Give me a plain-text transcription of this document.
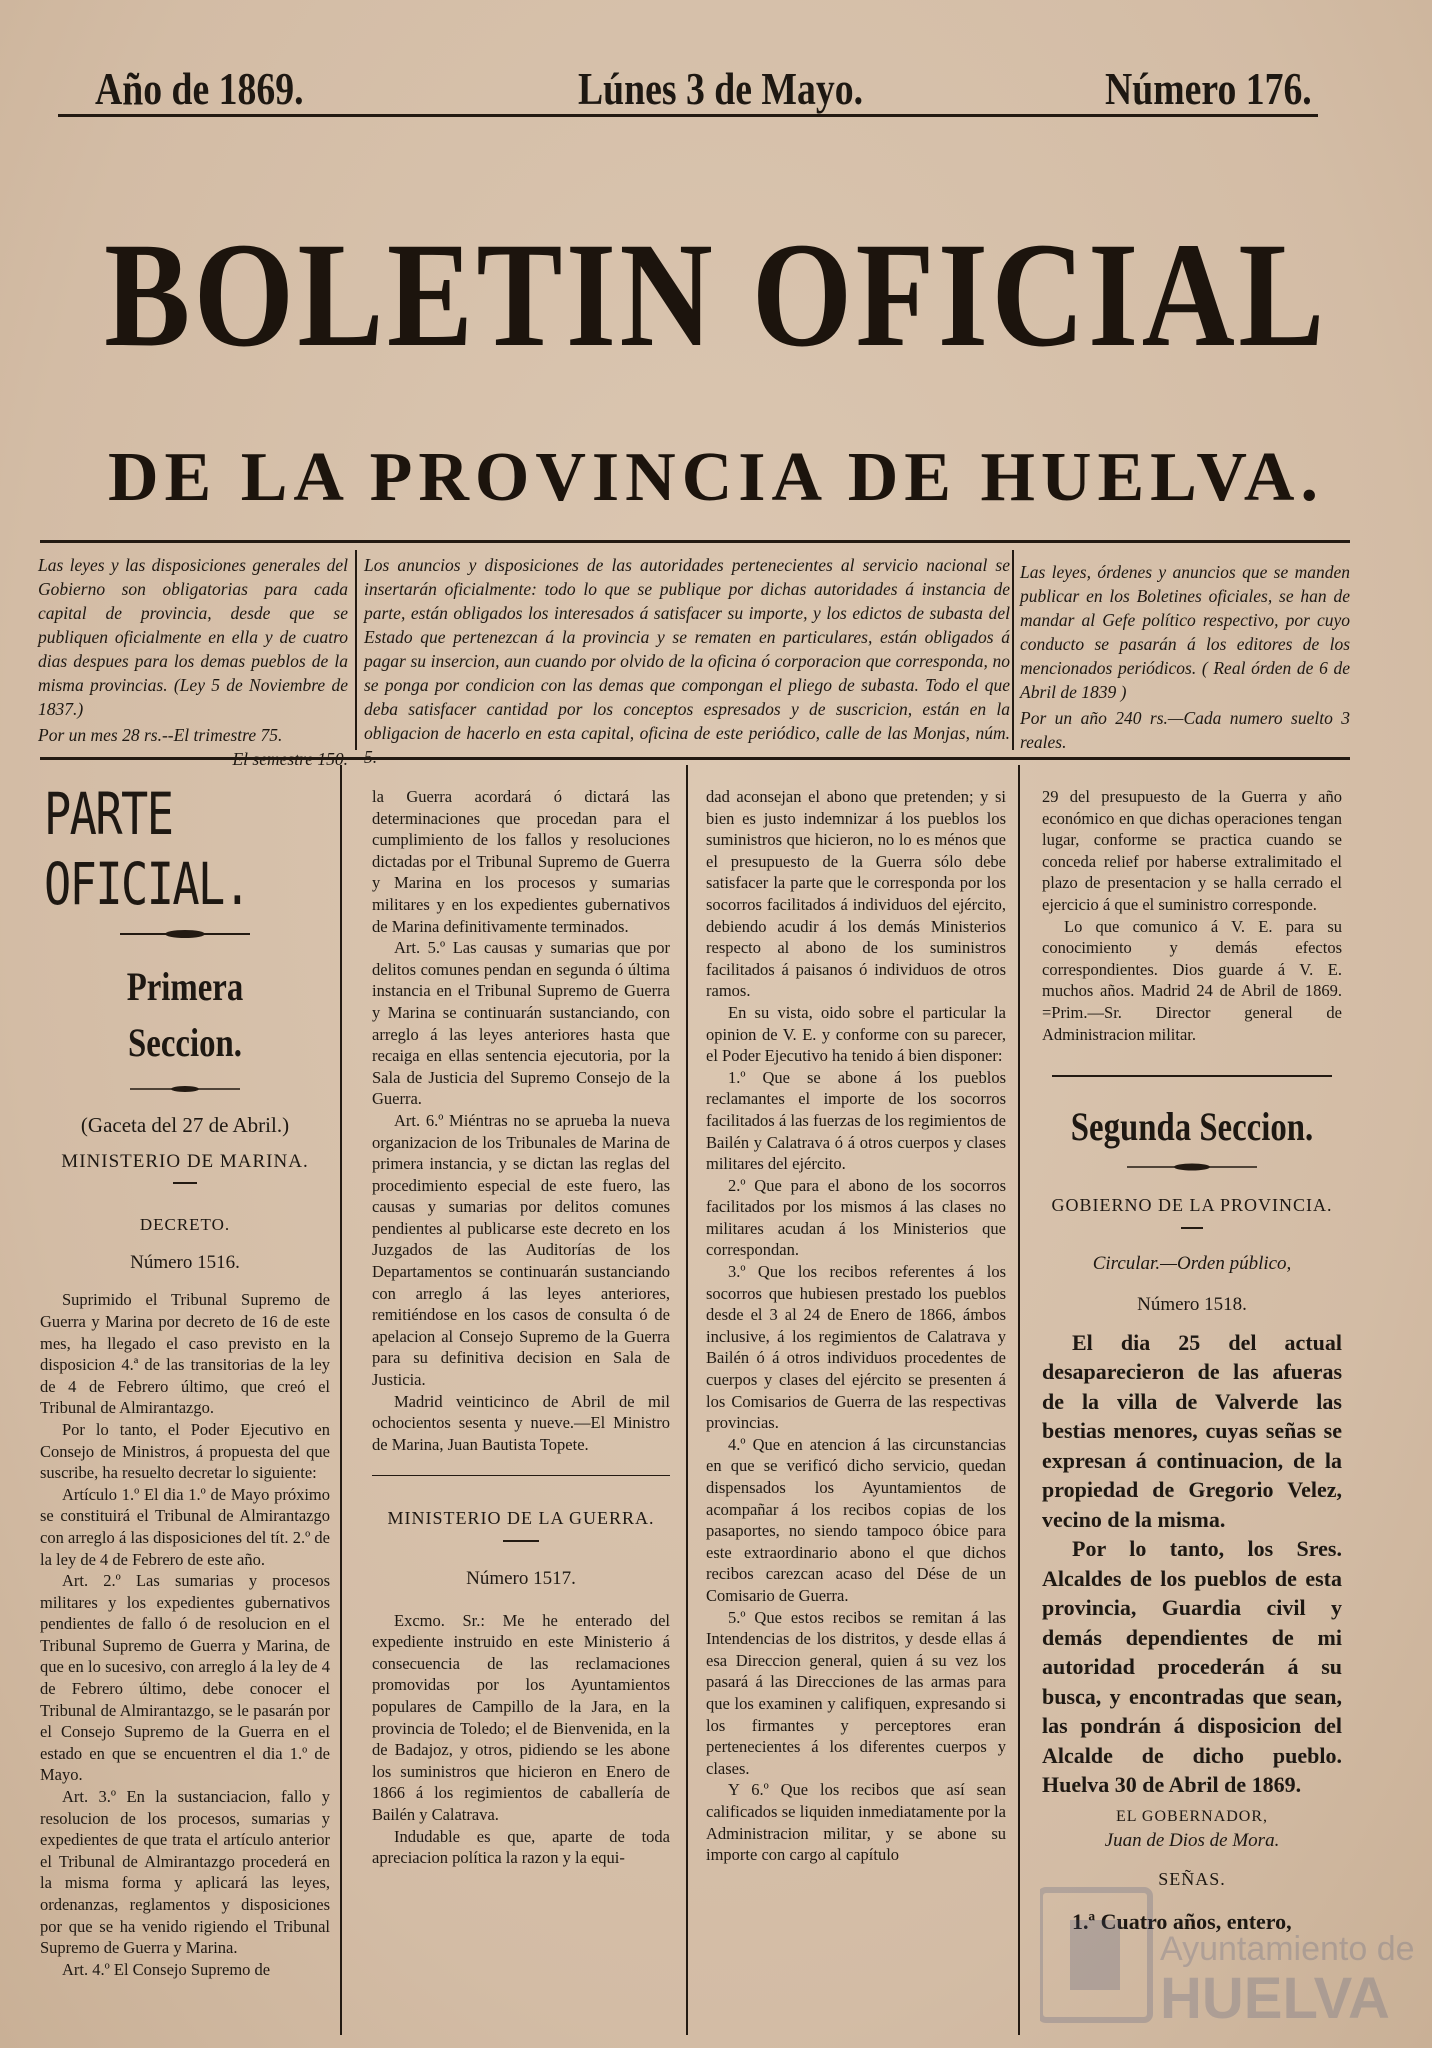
Año de 1869.	Lúnes 3 de Mayo.	Número 176.
BOLETIN OFICIAL
DE LA PROVINCIA DE HUELVA.

Las leyes y las disposiciones generales del Gobierno son obligatorias para cada capital de provincia, desde que se publiquen oficialmente en ella y de cuatro dias despues para los demas pueblos de la misma provincias. (Ley 5 de Noviembre de 1837.)

Por un mes 28 rs.--El trimestre 75.

Los anuncios y disposiciones de las autoridades pertenecientes al servicio nacional se insertarán oficialmente: todo lo que se publique por dichas autoridades á instancia de parte, están obligados los interesados á satisfacer su importe, y los edictos de subasta del Estado que pertenezcan á la provincia y se rematen en particulares, están obligados á pagar su insercion, aun cuando por olvido de la oficina ó corporacion que corresponda, no se ponga por condicion con las demas que compongan el pliego de subasta. Todo el que deba satisfacer cantidad por los conceptos espresados y de suscricion, están en la obligacion de hacerlo en esta capital, oficina de este periódico, calle de las Monjas, núm.

Las leyes, órdenes y anuncios que se manden publicar en los Boletines oficiales, se han de mandar al Gefe político respectivo, por cuyo conducto se pasarán á los editores de los mencionados periódicos. ( Real órden de 6 de Abril de 1839 )

Por un año 240 rs.—Cada numero suelto 3 reales.

PARTE OFICIAL.
Primera Seccion.

(Gaceta del 27 de Abril.)

MINISTERIO DE MARINA.

DECRETO.

Número 1516.

Suprimido el Tribunal Supremo de Guerra y Marina por decreto de 16 de este mes, ha llegado el caso previsto en la disposicion 4.ª de las transitorias de la ley de 4 de Febrero último, que creó el Tribunal de Almirantazgo.

Por lo tanto, el Poder Ejecutivo en Consejo de Ministros, á propuesta del que suscribe, ha resuelto decretar lo siguiente:

Artículo 1.º El dia 1.º de Mayo próximo se constituirá el Tribunal de Almirantazgo con arreglo á las disposiciones del tít. 2.º de la ley de 4 de Febrero de este año.

Art. 2.º Las sumarias y procesos militares y los expedientes gubernativos pendientes de fallo ó de resolucion en el Tribunal Supremo de Guerra y Marina, de que en lo sucesivo, con arreglo á la ley de 4 de Febrero último, debe conocer el Tribunal de Almirantazgo, se le pasarán por el Consejo Supremo de la Guerra en el estado en que se encuentren el dia 1.º de Mayo.

Art. 3.º En la sustanciacion, fallo y resolucion de los procesos, sumarias y expedientes de que trata el artículo anterior el Tribunal de Almirantazgo procederá en la misma forma y aplicará las leyes, ordenanzas, reglamentos y disposiciones por que se ha venido rigiendo el Tribunal Supremo de Guerra y Marina.

Art. 4.º El Consejo Supremo de

la Guerra acordará ó dictará las determinaciones que procedan para el cumplimiento de los fallos y resoluciones dictadas por el Tribunal Supremo de Guerra y Marina en los procesos y sumarias militares y en los expedientes gubernativos de Marina definitivamente terminados.

Art. 5.º Las causas y sumarias que por delitos comunes pendan en segunda ó última instancia en el Tribunal Supremo de Guerra y Marina se continuarán sustanciando, con arreglo á las leyes anteriores hasta que recaiga en ellas sentencia ejecutoria, por la Sala de Justicia del Supremo Consejo de la Guerra.

Art. 6.º Miéntras no se aprueba la nueva organizacion de los Tribunales de Marina de primera instancia, y se dictan las reglas del procedimiento especial de este fuero, las causas y sumarias por delitos comunes pendientes al publicarse este decreto en los Juzgados de las Auditorías de los Departamentos se continuarán sustanciando con arreglo á las leyes anteriores, remitiéndose en los casos de consulta ó de apelacion al Consejo Supremo de la Guerra para su definitiva decision en Sala de Justicia.

Madrid veinticinco de Abril de mil ochocientos sesenta y nueve.—El Ministro de Marina, Juan Bautista Topete.

MINISTERIO DE LA GUERRA.

Número 1517.

Excmo. Sr.: Me he enterado del expediente instruido en este Ministerio á consecuencia de las reclamaciones promovidas por los Ayuntamientos populares de Campillo de la Jara, en la provincia de Toledo; el de Bienvenida, en la de Badajoz, y otros, pidiendo se les abone los suministros que hicieron en Enero de 1866 á los regimientos de caballería de Bailén y Calatrava.

Indudable es que, aparte de toda apreciacion política la razon y la equi-

dad aconsejan el abono que pretenden; y si bien es justo indemnizar á los pueblos los suministros que hicieron, no lo es ménos que el presupuesto de la Guerra sólo debe satisfacer la parte que le corresponda por los socorros facilitados á individuos del ejército, debiendo acudir á los demás Ministerios respecto al abono de los suministros facilitados á paisanos ó individuos de otros ramos.

En su vista, oido sobre el particular la opinion de V. E. y conforme con su parecer, el Poder Ejecutivo ha tenido á bien disponer:

1.º Que se abone á los pueblos reclamantes el importe de los socorros facilitados á las fuerzas de los regimientos de Bailén y Calatrava ó á otros cuerpos y clases militares del ejército.

2.º Que para el abono de los socorros facilitados por los mismos á las clases no militares acudan á los Ministerios que correspondan.

3.º Que los recibos referentes á los socorros que hubiesen prestado los pueblos desde el 3 al 24 de Enero de 1866, ámbos inclusive, á los regimientos de Calatrava y Bailén ó á otros individuos procedentes de cuerpos y clases del ejército se presenten á los Comisarios de Guerra de las respectivas provincias.

4.º Que en atencion á las circunstancias en que se verificó dicho servicio, quedan dispensados los Ayuntamientos de acompañar á los recibos copias de los pasaportes, no siendo tampoco óbice para este extraordinario abono el que dichos recibos carezcan acaso del Dése de un Comisario de Guerra.

5.º Que estos recibos se remitan á las Intendencias de los distritos, y desde ellas á esa Direccion general, quien á su vez los pasará á las Direcciones de las armas para que los examinen y califiquen, expresando si los firmantes y perceptores eran pertenecientes á los diferentes cuerpos y clases.

Y 6.º Que los recibos que así sean calificados se liquiden inmediatamente por la Administracion militar, y se abone su importe con cargo al capítulo

29 del presupuesto de la Guerra y año económico en que dichas operaciones tengan lugar, conforme se practica cuando se conceda relief por haberse extralimitado el plazo de presentacion y se halla cerrado el ejercicio á que el suministro corresponde.

Lo que comunico á V. E. para su conocimiento y demás efectos correspondientes. Dios guarde á V. E. muchos años. Madrid 24 de Abril de 1869. =Prim.—Sr. Director general de Administracion militar.

Segunda Seccion.

GOBIERNO DE LA PROVINCIA.

Circular.—Orden público,

Número 1518.

El dia 25 del actual desaparecieron de las afueras de la villa de Valverde las bestias menores, cuyas señas se expresan á continuacion, de la propiedad de Gregorio Velez, vecino de la misma.

Por lo tanto, los Sres. Alcaldes de los pueblos de esta provincia, Guardia civil y demás dependientes de mi autoridad procederán á su busca, y encontradas que sean, las pondrán á disposicion del Alcalde de dicho pueblo. Huelva 30 de Abril de 1869.

EL GOBERNADOR,

Juan de Dios de Mora.

SEÑAS.

1.ª Cuatro años, entero,

Ayuntamiento de
HUELVA
